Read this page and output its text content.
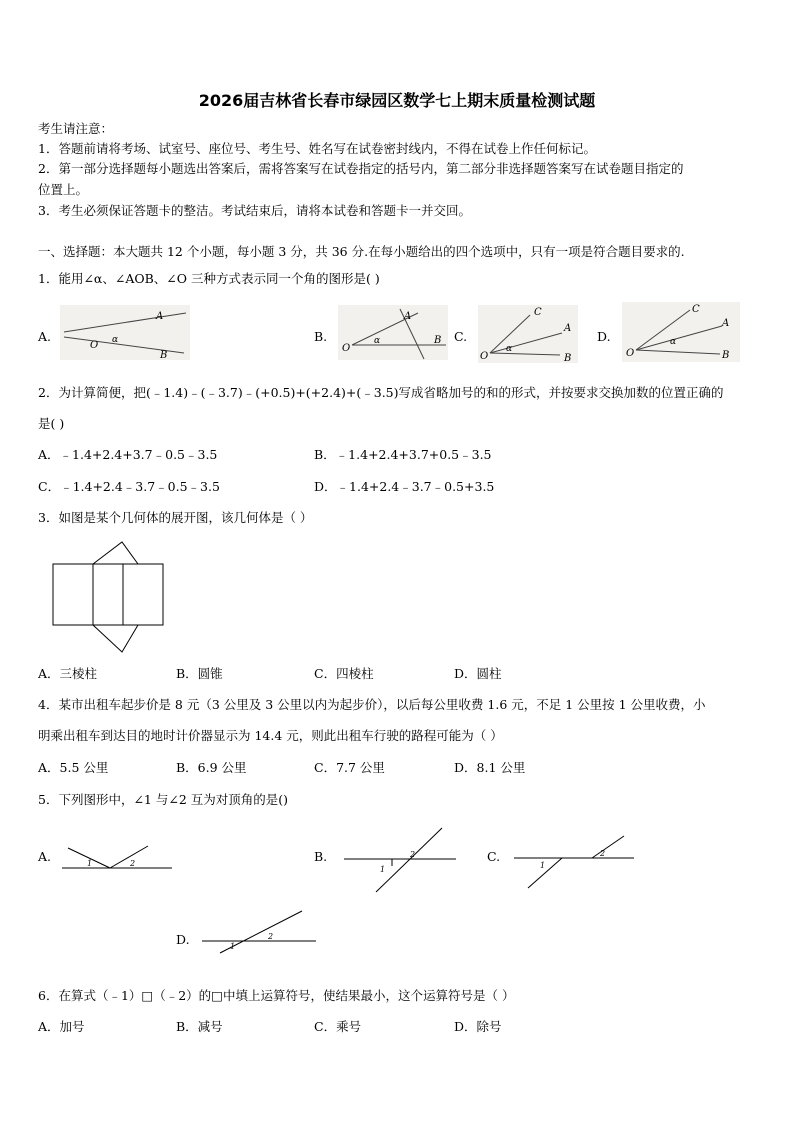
2026届吉林省长春市绿园区数学七上期末质量检测试题
考生请注意：
1．答题前请将考场、试室号、座位号、考生号、姓名写在试卷密封线内，不得在试卷上作任何标记。
2．第一部分选择题每小题选出答案后，需将答案写在试卷指定的括号内，第二部分非选择题答案写在试卷题目指定的
位置上。
3．考生必须保证答题卡的整洁。考试结束后，请将本试卷和答题卡一并交回。
一、选择题：本大题共 12 个小题，每小题 3 分，共 36 分.在每小题给出的四个选项中，只有一项是符合题目要求的.
1．能用∠α、∠AOB、∠O 三种方式表示同一个角的图形是( )
A.	B.	C.	D.
A
O α
B
A
O
α	B
C
A
O
α
B
C
A
O
α
B
2．为计算简便，把(﹣1.4)﹣(﹣3.7)﹣(+0.5)+(+2.4)+(﹣3.5)写成省略加号的和的形式，并按要求交换加数的位置正确的
是( )
A．﹣1.4+2.4+3.7﹣0.5﹣3.5	B．﹣1.4+2.4+3.7+0.5﹣3.5
C．﹣1.4+2.4﹣3.7﹣0.5﹣3.5	D．﹣1.4+2.4﹣3.7﹣0.5+3.5
3．如图是某个几何体的展开图，该几何体是（ ）
A．三棱柱	B．圆锥	C．四棱柱	D．圆柱
4．某市出租车起步价是 8 元（3 公里及 3 公里以内为起步价），以后每公里收费 1.6 元，不足 1 公里按 1 公里收费，小
明乘出租车到达目的地时计价器显示为 14.4 元，则此出租车行驶的路程可能为（ ）
A．5.5 公里	B．6.9 公里	C．7.7 公里	D．8.1 公里
5．下列图形中，∠1 与∠2 互为对顶角的是()
A.	B.	C.
D.
1	2
1
2
1
2
1
2
6．在算式（﹣1）□（﹣2）的□中填上运算符号，使结果最小，这个运算符号是（ ）
A．加号	B．减号	C．乘号	D．除号
